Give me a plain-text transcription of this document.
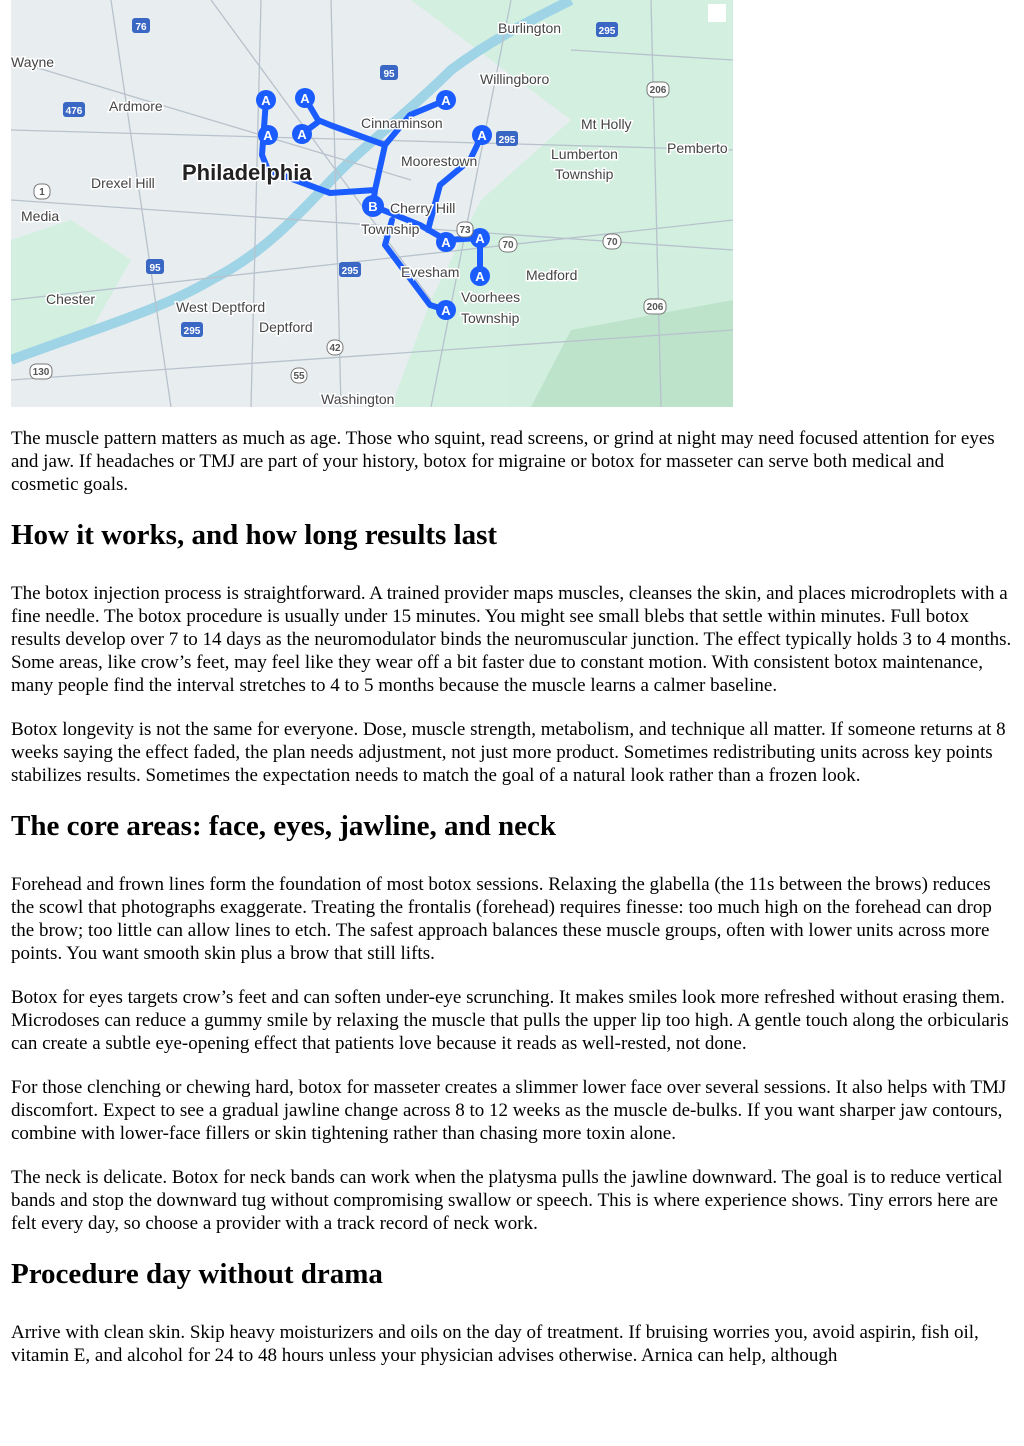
A A
A A
A
A
B
A A
A
A
Burlington
Wayne
Willingboro
Ardmore
Cinnaminson	Mt Holly
Philadelphia	Moorestown	Lumberton
Township
Pemberto
Drexel Hill
Media	Cherry Hill
Township
Evesham	Medford
Chester	West Deptford
Voorhees
Township
Deptford
Washington
76	295
95
206
476
295
1
73
70	70
95	295
206
295
42
130	55

The muscle pattern matters as much as age. Those who squint, read screens, or grind at night may need focused attention for eyes and jaw. If headaches or TMJ are part of your history, botox for migraine or botox for masseter can serve both medical and cosmetic goals.

How it works, and how long results last

The botox injection process is straightforward. A trained provider maps muscles, cleanses the skin, and places microdroplets with a fine needle. The botox procedure is usually under 15 minutes. You might see small blebs that settle within minutes. Full botox results develop over 7 to 14 days as the neuromodulator binds the neuromuscular junction. The effect typically holds 3 to 4 months. Some areas, like crow’s feet, may feel like they wear off a bit faster due to constant motion. With consistent botox maintenance, many people find the interval stretches to 4 to 5 months because the muscle learns a calmer baseline.

Botox longevity is not the same for everyone. Dose, muscle strength, metabolism, and technique all matter. If someone returns at 8 weeks saying the effect faded, the plan needs adjustment, not just more product. Sometimes redistributing units across key points stabilizes results. Sometimes the expectation needs to match the goal of a natural look rather than a frozen look.

The core areas: face, eyes, jawline, and neck

Forehead and frown lines form the foundation of most botox sessions. Relaxing the glabella (the 11s between the brows) reduces the scowl that photographs exaggerate. Treating the frontalis (forehead) requires finesse: too much high on the forehead can drop the brow; too little can allow lines to etch. The safest approach balances these muscle groups, often with lower units across more points. You want smooth skin plus a brow that still lifts.

Botox for eyes targets crow’s feet and can soften under-eye scrunching. It makes smiles look more refreshed without erasing them. Microdoses can reduce a gummy smile by relaxing the muscle that pulls the upper lip too high. A gentle touch along the orbicularis can create a subtle eye-opening effect that patients love because it reads as well-rested, not done.

For those clenching or chewing hard, botox for masseter creates a slimmer lower face over several sessions. It also helps with TMJ discomfort. Expect to see a gradual jawline change across 8 to 12 weeks as the muscle de-bulks. If you want sharper jaw contours, combine with lower-face fillers or skin tightening rather than chasing more toxin alone.

The neck is delicate. Botox for neck bands can work when the platysma pulls the jawline downward. The goal is to reduce vertical bands and stop the downward tug without compromising swallow or speech. This is where experience shows. Tiny errors here are felt every day, so choose a provider with a track record of neck work.

Procedure day without drama

Arrive with clean skin. Skip heavy moisturizers and oils on the day of treatment. If bruising worries you, avoid aspirin, fish oil, vitamin E, and alcohol for 24 to 48 hours unless your physician advises otherwise. Arnica can help, although
